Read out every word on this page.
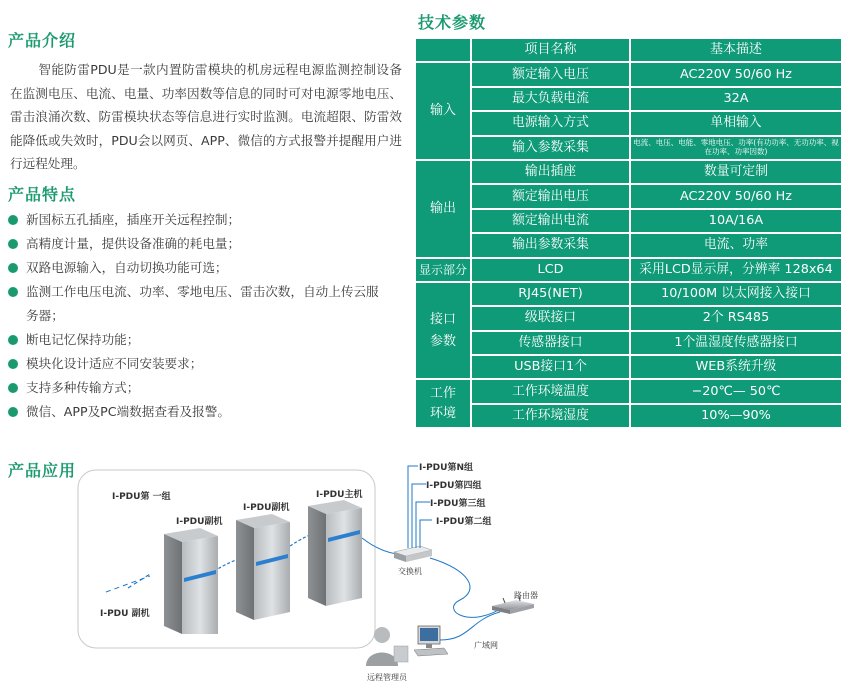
产品介绍
智能防雷PDU是一款内置防雷模块的机房远程电源监测控制设备在监测电压、电流、电量、功率因数等信息的同时可对电源零地电压、雷击浪涌次数、防雷模块状态等信息进行实时监测。电流超限、防雷效能降低或失效时，PDU会以网页、APP、微信的方式报警并提醒用户进行远程处理。
产品特点
新国标五孔插座，插座开关远程控制；
高精度计量，提供设备准确的耗电量；
双路电源输入，自动切换功能可选；
监测工作电压电流、功率、零地电压、雷击次数，自动上传云服务器；
断电记忆保持功能；
模块化设计适应不同安装要求；
支持多种传输方式；
微信、APP及PC端数据查看及报警。
技术参数
	项目名称	基本描述
输入	额定输入电压	AC220V 50/60 Hz
	最大负载电流	32A
	电源输入方式	单相输入
	输入参数采集	电流、电压、电能、零地电压、功率(有功功率、无功功率、视在功率、功率因数)
输出	输出插座	数量可定制
	额定输出电压	AC220V 50/60 Hz
	额定输出电流	10A/16A
	输出参数采集	电流、功率
显示部分	LCD	采用LCD显示屏，分辨率 128x64
接口参数	RJ45(NET)	10/100M 以太网接入接口
	级联接口	2个 RS485
	传感器接口	1个温湿度传感器接口
	USB接口1个	WEB系统升级
工作环境	工作环境温度	−20℃— 50℃
	工作环境湿度	10%—90%
产品应用
I-PDU第 一组
I-PDU副机
I-PDU副机
I-PDU主机
I-PDU 副机
I-PDU第N组
I-PDU第四组
I-PDU第三组
I-PDU第二组
交换机
路由器
广域网
远程管理员
